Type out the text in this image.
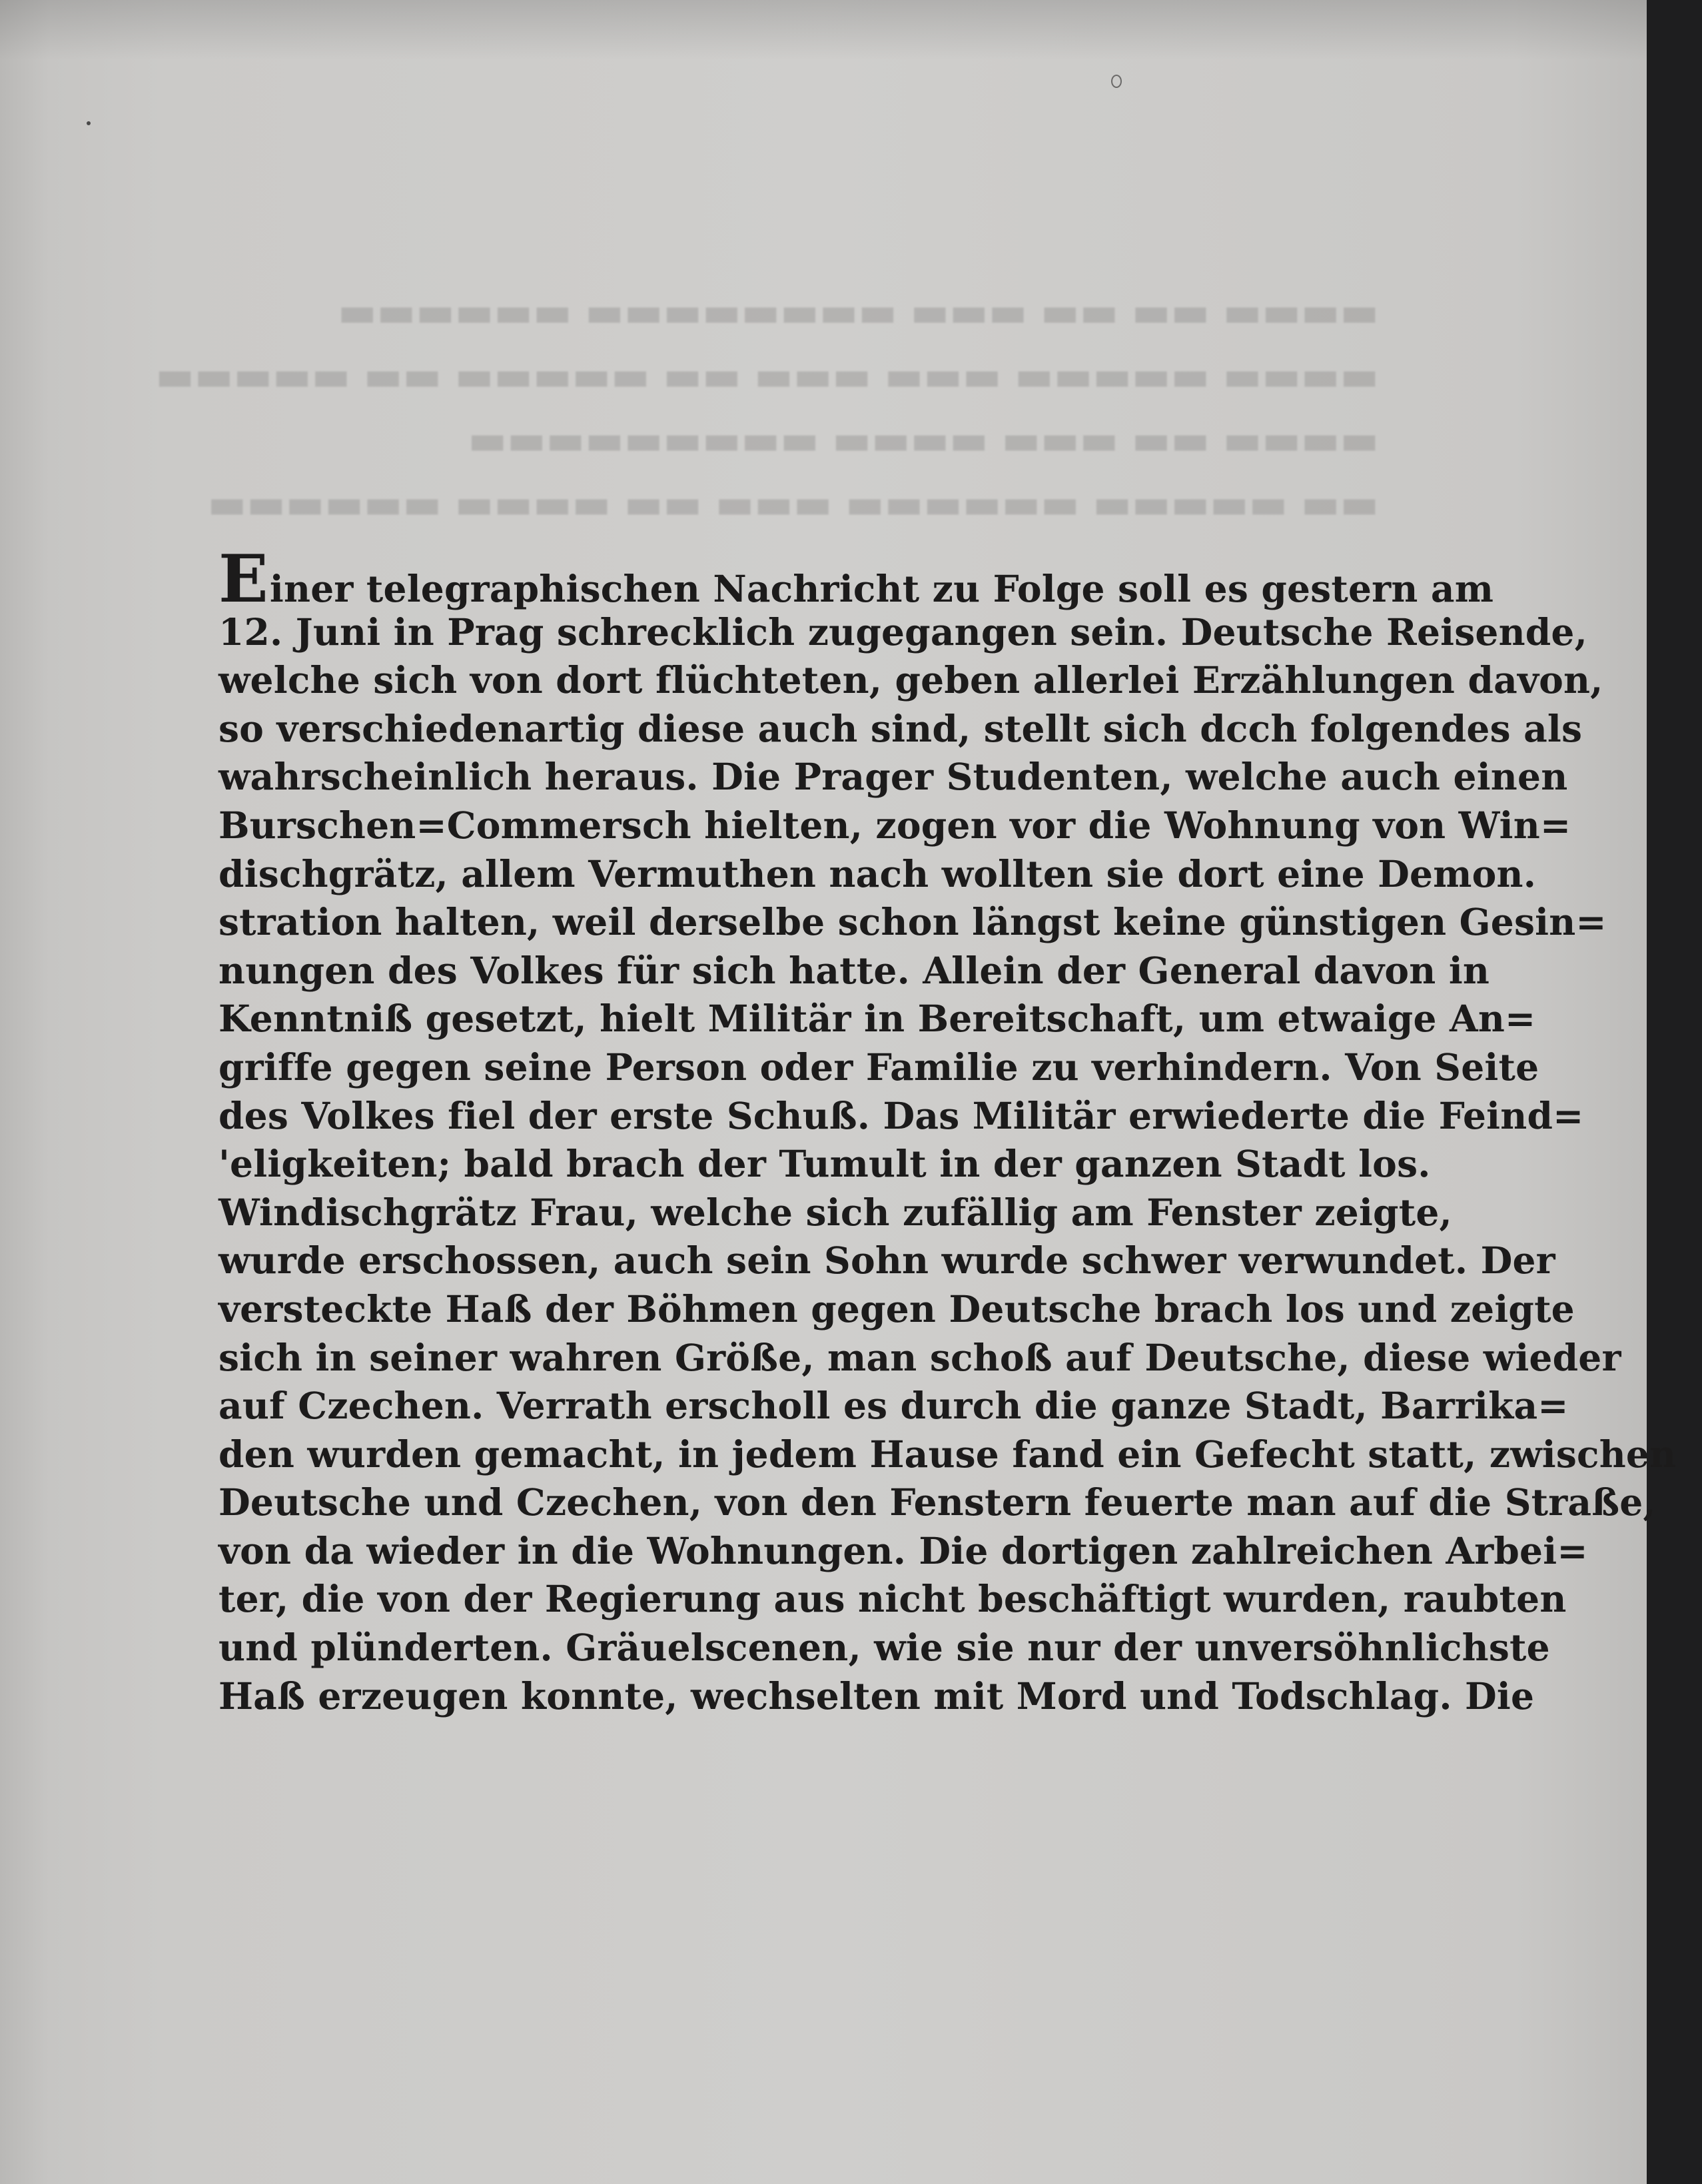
▬▬▬▬ ▬▬ ▬▬ ▬▬▬ ▬▬▬▬▬▬▬▬ ▬▬▬▬▬▬
▬▬▬▬ ▬▬▬▬▬ ▬▬▬ ▬▬▬ ▬▬ ▬▬▬▬▬ ▬▬ ▬▬▬▬▬
▬▬▬▬ ▬▬ ▬▬▬ ▬▬▬▬ ▬▬▬▬▬▬▬▬▬
▬▬ ▬▬▬▬▬ ▬▬▬▬▬▬ ▬▬▬ ▬▬ ▬▬▬▬ ▬▬▬▬▬▬
Einer telegraphischen Nachricht zu Folge soll es gestern am
12. Juni in Prag schrecklich zugegangen sein. Deutsche Reisende,
welche sich von dort flüchteten, geben allerlei Erzählungen davon,
so verschiedenartig diese auch sind, stellt sich dcch folgendes als
wahrscheinlich heraus. Die Prager Studenten, welche auch einen
Burschen=Commersch hielten, zogen vor die Wohnung von Win=
dischgrätz, allem Vermuthen nach wollten sie dort eine Demon.
stration halten, weil derselbe schon längst keine günstigen Gesin=
nungen des Volkes für sich hatte. Allein der General davon in
Kenntniß gesetzt, hielt Militär in Bereitschaft, um etwaige An=
griffe gegen seine Person oder Familie zu verhindern. Von Seite
des Volkes fiel der erste Schuß. Das Militär erwiederte die Feind=
'eligkeiten; bald brach der Tumult in der ganzen Stadt los.
Windischgrätz Frau, welche sich zufällig am Fenster zeigte,
wurde erschossen, auch sein Sohn wurde schwer verwundet. Der
versteckte Haß der Böhmen gegen Deutsche brach los und zeigte
sich in seiner wahren Größe, man schoß auf Deutsche, diese wieder
auf Czechen. Verrath erscholl es durch die ganze Stadt, Barrika=
den wurden gemacht, in jedem Hause fand ein Gefecht statt, zwischen
Deutsche und Czechen, von den Fenstern feuerte man auf die Straße,
von da wieder in die Wohnungen. Die dortigen zahlreichen Arbei=
ter, die von der Regierung aus nicht beschäftigt wurden, raubten
und plünderten. Gräuelscenen, wie sie nur der unversöhnlichste
Haß erzeugen konnte, wechselten mit Mord und Todschlag. Die
